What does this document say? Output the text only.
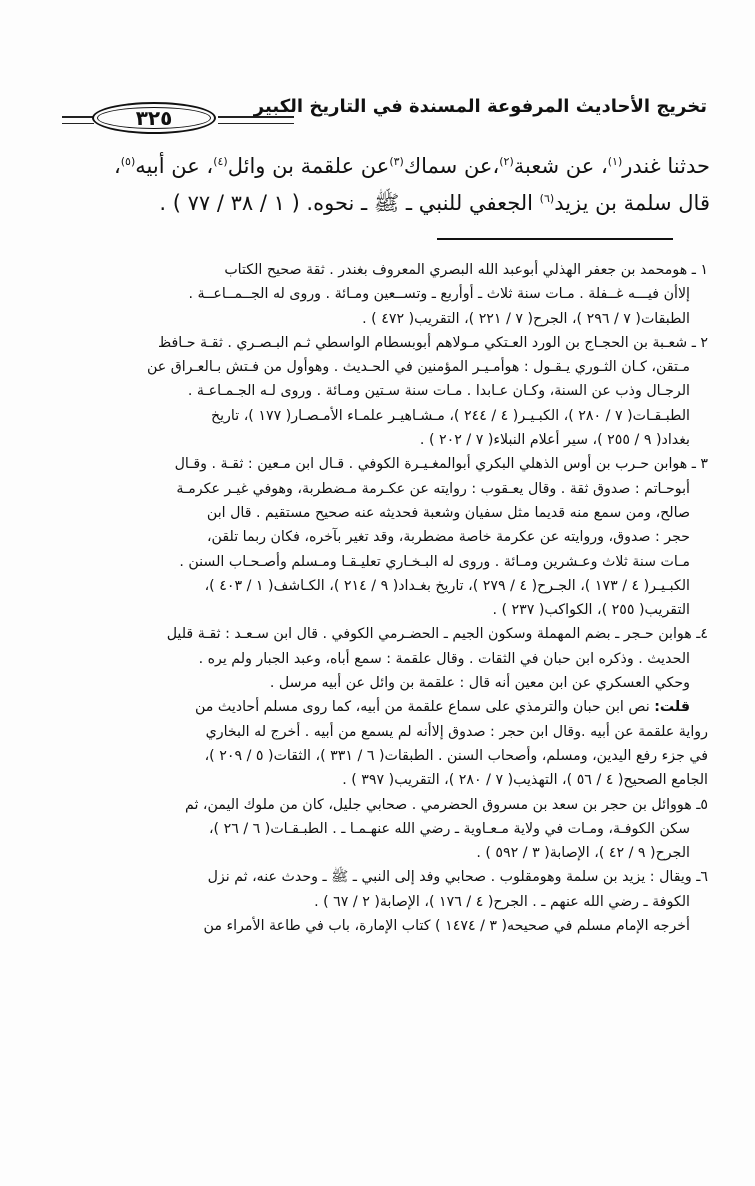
٣٢٥	تخريج الأحاديث المرفوعة المسندة في التاريخ الكبير
حدثنا غندر$^{(١)}$، عن شعبة$^{(٢)}$،عن سماك$^{(٣)}$عن علقمة بن وائل$^{(٤)}$، عن أبيه$^{(٥)}$،
قال سلمة بن يزيد$^{(٦)}$ الجعفي للنبي ـ ﷺ ـ نحوه. ( ١ / ٣٨ / ٧٧ ) .
١ ـ هومحمد بن جعفر الهذلي أبوعبد الله البصري المعروف بغندر . ثقة صحيح الكتاب
إلاأن فيـــه غــفلة . مـات سنة ثلاث ـ أوأربع ـ وتســعين ومـائة . وروى له الجــمــاعــة .
الطبقات( ٧ / ٢٩٦ )، الجرح( ٧ / ٢٢١ )، التقريب( ٤٧٢ ) .
٢ ـ شعـبة بن الحجـاج بن الورد العـتكي مـولاهم أبوبسطام الواسطي ثـم البـصـري . ثقـة حـافظ
مـتقن، كـان الثـوري يـقـول : هوأمـيـر المؤمنين في الحـديث . وهوأول من فـتش بـالعـراق عن
الرجـال وذب عن السنة، وكـان عـابدا . مـات سنة سـتين ومـائة . وروى لـه الجـمـاعـة .
الطبـقـات( ٧ / ٢٨٠ )، الكبـيـر( ٤ / ٢٤٤ )، مـشـاهيـر علمـاء الأمـصـار( ١٧٧ )، تاريخ
بغداد( ٩ / ٢٥٥ )، سير أعلام النبلاء( ٧ / ٢٠٢ ) .
٣ ـ هوابن حـرب بن أوس الذهلي البكري أبوالمغـيـرة الكوفي . قـال ابن مـعين : ثقـة . وقـال
أبوحـاتم : صدوق ثقة . وقال يعـقوب : روايته عن عكـرمة مـضطربة، وهوفي غيـر عكرمـة
صالح، ومن سمع منه قديما مثل سفيان وشعبة فحديثه عنه صحيح مستقيم . قال ابن
حجر : صدوق، وروايته عن عكرمة خاصة مضطربة، وقد تغير بآخره، فكان ربما تلقن،
مـات سنة ثلاث وعـشرين ومـائة . وروى له البـخـاري تعليـقـا ومـسلم وأصـحـاب السنن .
الكبـيـر( ٤ / ١٧٣ )، الجـرح( ٤ / ٢٧٩ )، تاريخ بغـداد( ٩ / ٢١٤ )، الكـاشف( ١ / ٤٠٣ )،
التقريب( ٢٥٥ )، الكواكب( ٢٣٧ ) .
٤ـ هوابن حـجر ـ بضم المهملة وسكون الجيم ـ الحضـرمي الكوفي . قال ابن سـعـد : ثقـة قليل
الحديث . وذكره ابن حبان في الثقات . وقال علقمة : سمع أباه، وعبد الجبار ولم يره .
وحكي العسكري عن ابن معين أنه قال : علقمة بن وائل عن أبيه مرسل .
قلت: نص ابن حبان والترمذي على سماع علقمة من أبيه، كما روى مسلم أحاديث من
رواية علقمة عن أبيه .وقال ابن حجر : صدوق إلاأنه لم يسمع من أبيه . أخرج له البخاري
في جزء رفع اليدين، ومسلم، وأصحاب السنن . الطبقات( ٦ / ٣٣١ )، الثقات( ٥ / ٢٠٩ )،
الجامع الصحيح( ٤ / ٥٦ )، التهذيب( ٧ / ٢٨٠ )، التقريب( ٣٩٧ ) .
٥ـ هووائل بن حجر بن سعد بن مسروق الحضرمي . صحابي جليل، كان من ملوك اليمن، ثم
سكن الكوفـة، ومـات في ولاية مـعـاوية ـ رضي الله عنهـمـا ـ . الطبـقـات( ٦ / ٢٦ )،
الجرح( ٩ / ٤٢ )، الإصابة( ٣ / ٥٩٢ ) .
٦ـ ويقال : يزيد بن سلمة وهومقلوب . صحابي وفد إلى النبي ـ ﷺ ـ وحدث عنه، ثم نزل
الكوفة ـ رضي الله عنهم ـ . الجرح( ٤ / ١٧٦ )، الإصابة( ٢ / ٦٧ ) .
أخرجه الإمام مسلم في صحيحه( ٣ / ١٤٧٤ ) كتاب الإمارة، باب في طاعة الأمراء من
